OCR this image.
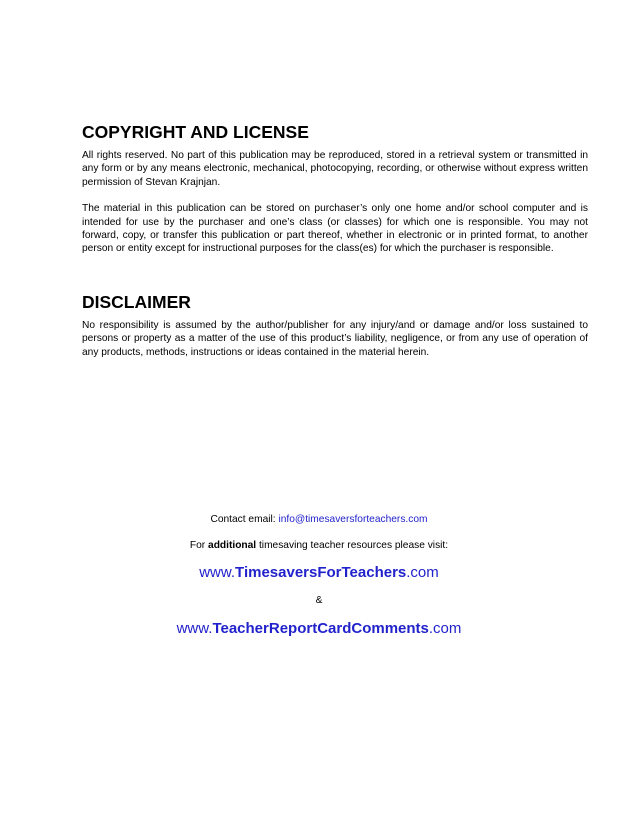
COPYRIGHT AND LICENSE

All rights reserved. No part of this publication may be reproduced, stored in a retrieval system or transmitted in any form or by any means electronic, mechanical, photocopying, recording, or otherwise without express written permission of Stevan Krajnjan.

The material in this publication can be stored on purchaser’s only one home and/or school computer and is intended for use by the purchaser and one’s class (or classes) for which one is responsible. You may not forward, copy, or transfer this publication or part thereof, whether in electronic or in printed format, to another person or entity except for instructional purposes for the class(es) for which the purchaser is responsible.

DISCLAIMER

No responsibility is assumed by the author/publisher for any injury/and or damage and/or loss sustained to persons or property as a matter of the use of this product’s liability, negligence, or from any use of operation of any products, methods, instructions or ideas contained in the material herein.

Contact email: info@timesaversforteachers.com
For additional timesaving teacher resources please visit:
www.TimesaversForTeachers.com
&
www.TeacherReportCardComments.com
